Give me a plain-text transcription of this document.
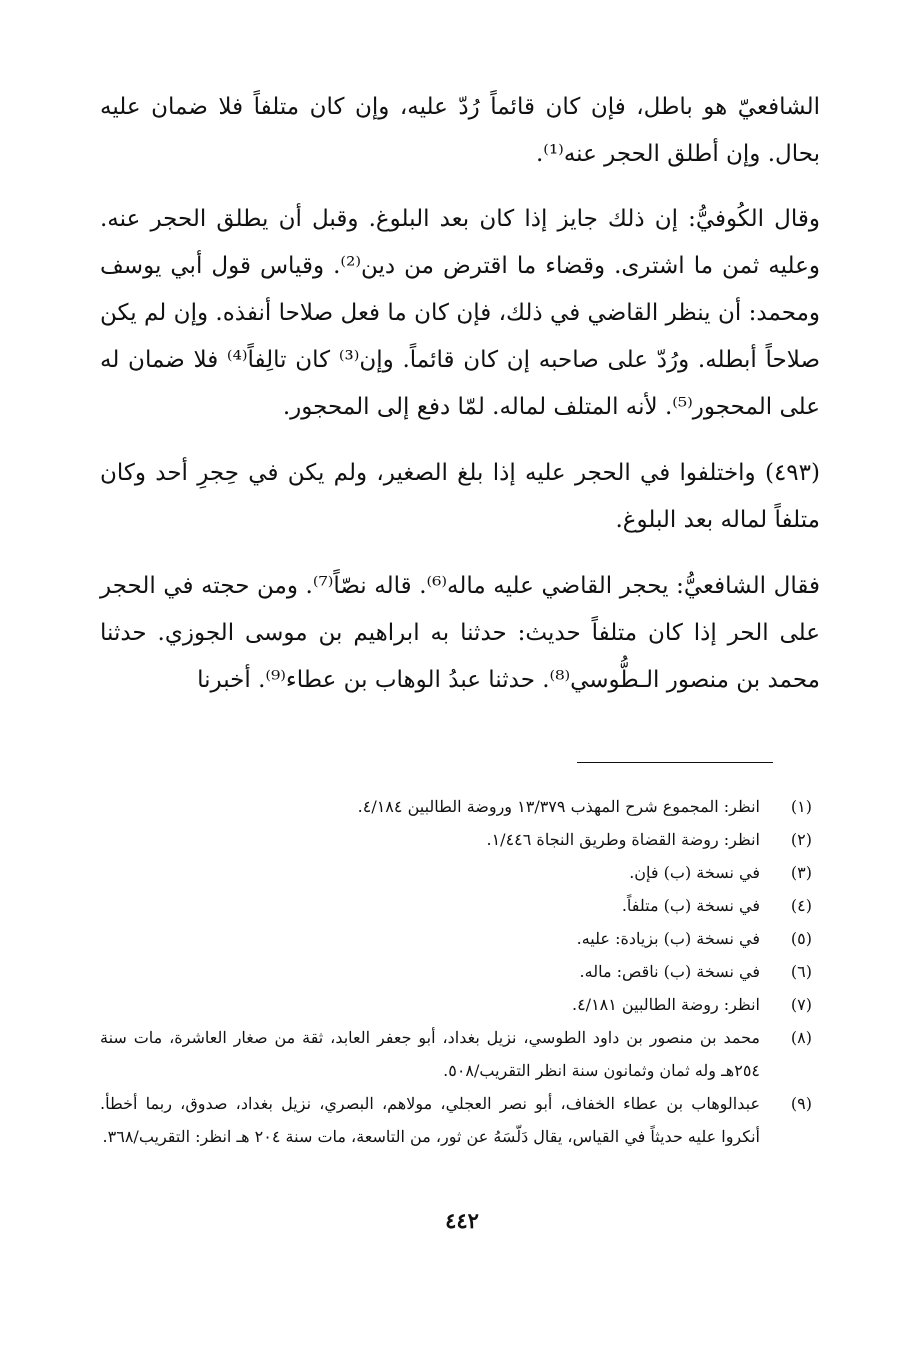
الشافعيّ هو باطل، فإن كان قائماً رُدّ عليه، وإن كان متلفاً فلا ضمان عليه بحال. وإن أطلق الحجر عنه⁽¹⁾.

وقال الكُوفيُّ: إن ذلك جايز إذا كان بعد البلوغ. وقبل أن يطلق الحجر عنه. وعليه ثمن ما اشترى. وقضاء ما اقترض من دين⁽²⁾. وقياس قول أبي يوسف ومحمد: أن ينظر القاضي في ذلك، فإن كان ما فعل صلاحا أنفذه. وإن لم يكن صلاحاً أبطله. ورُدّ على صاحبه إن كان قائماً. وإن⁽³⁾ كان تالِفاً⁽⁴⁾ فلا ضمان له على المحجور⁽⁵⁾. لأنه المتلف لماله. لمّا دفع إلى المحجور.

(٤٩٣) واختلفوا في الحجر عليه إذا بلغ الصغير، ولم يكن في حِجرِ أحد وكان متلفاً لماله بعد البلوغ.

فقال الشافعيُّ: يحجر القاضي عليه ماله⁽⁶⁾. قاله نصّاً⁽⁷⁾. ومن حجته في الحجر على الحر إذا كان متلفاً حديث: حدثنا به ابراهيم بن موسى الجوزي. حدثنا محمد بن منصور الـطُّوسي⁽⁸⁾. حدثنا عبدُ الوهاب بن عطاء⁽⁹⁾. أخبرنا

(١)
انظر: المجموع شرح المهذب ١٣/٣٧٩ وروضة الطالبين ٤/١٨٤.
(٢)
انظر: روضة القضاة وطريق النجاة ١/٤٤٦.
(٣)
في نسخة (ب) فإن.
(٤)
في نسخة (ب) متلفاً.
(٥)
في نسخة (ب) بزيادة: عليه.
(٦)
في نسخة (ب) ناقص: ماله.
(٧)
انظر: روضة الطالبين ٤/١٨١.
(٨)
محمد بن منصور بن داود الطوسي، نزيل بغداد، أبو جعفر العابد، ثقة من صغار العاشرة، مات سنة ٢٥٤هـ وله ثمان وثمانون سنة انظر التقريب/٥٠٨.
(٩)
عبدالوهاب بن عطاء الخفاف، أبو نصر العجلي، مولاهم، البصري، نزيل بغداد، صدوق، ربما أخطأ. أنكروا عليه حديثاً في القياس، يقال دَلّسَهُ عن ثور، من التاسعة، مات سنة ٢٠٤ هـ انظر: التقريب/٣٦٨.
٤٤٢
